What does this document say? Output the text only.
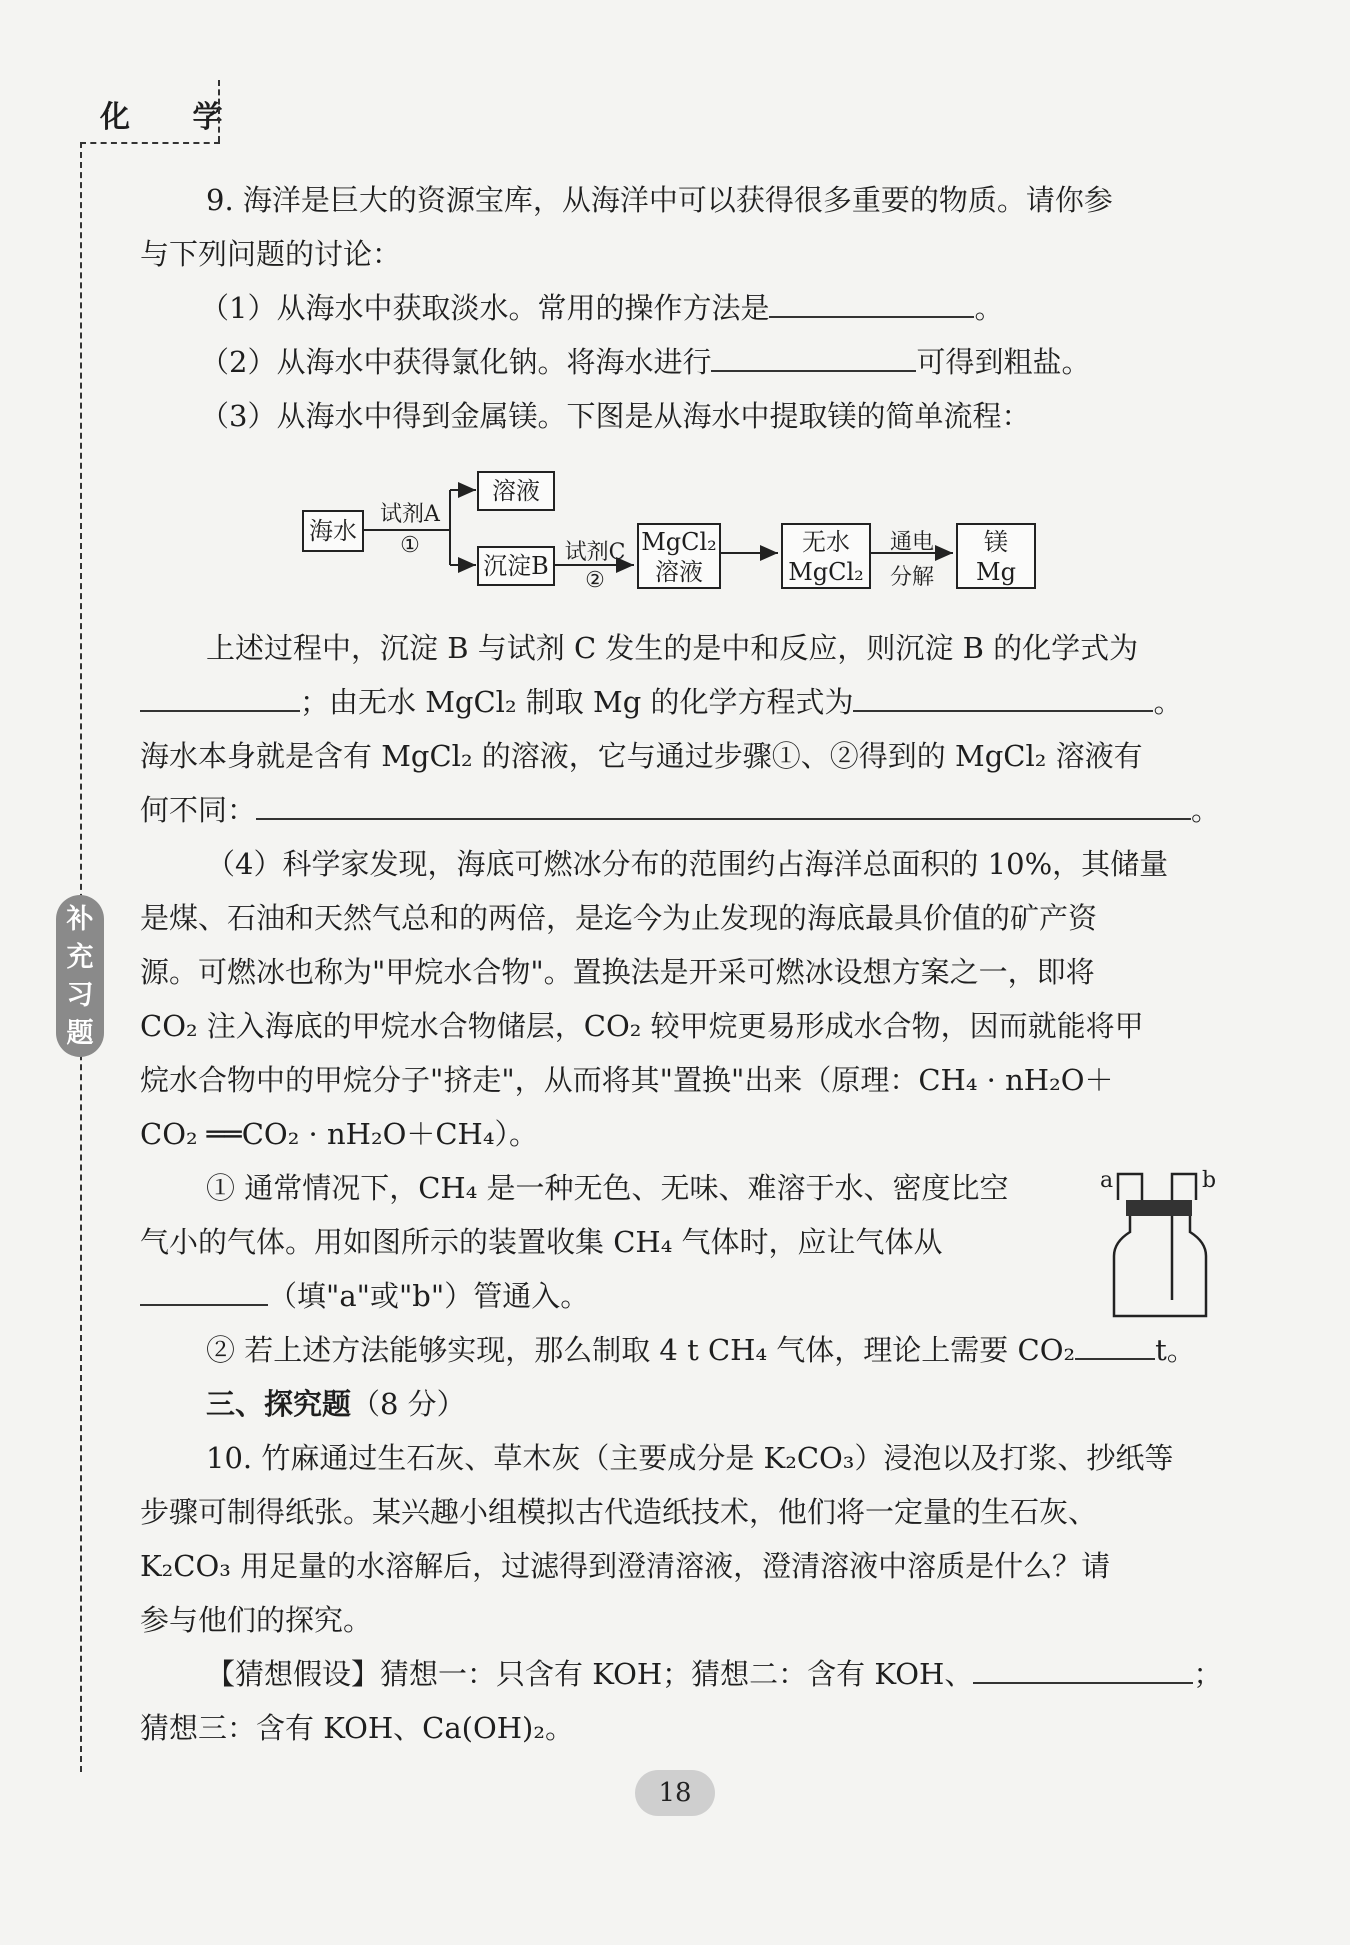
化 学
补
充
习
题
9. 海洋是巨大的资源宝库，从海洋中可以获得很多重要的物质。请你参
与下列问题的讨论：
（1）从海水中获取淡水。常用的操作方法是	。
（2）从海水中获得氯化钠。将海水进行	可得到粗盐。
（3）从海水中得到金属镁。下图是从海水中提取镁的简单流程：
海水
试剂A
①
溶液
沉淀B 试剂C
②
MgCl₂
溶液
无水
MgCl₂
通电
分解
镁
Mg
上述过程中，沉淀 B 与试剂 C 发生的是中和反应，则沉淀 B 的化学式为
；由无水 MgCl₂ 制取 Mg 的化学方程式为	。
海水本身就是含有 MgCl₂ 的溶液，它与通过步骤①、②得到的 MgCl₂ 溶液有
何不同：	。
（4）科学家发现，海底可燃冰分布的范围约占海洋总面积的 10%，其储量
是煤、石油和天然气总和的两倍，是迄今为止发现的海底最具价值的矿产资
源。可燃冰也称为"甲烷水合物"。置换法是开采可燃冰设想方案之一，即将
CO₂ 注入海底的甲烷水合物储层，CO₂ 较甲烷更易形成水合物，因而就能将甲
烷水合物中的甲烷分子"挤走"，从而将其"置换"出来（原理：CH₄ · nH₂O＋
CO₂ ══CO₂ · nH₂O＋CH₄）。
① 通常情况下，CH₄ 是一种无色、无味、难溶于水、密度比空
气小的气体。用如图所示的装置收集 CH₄ 气体时，应让气体从
（填"a"或"b"）管通入。
a	b
② 若上述方法能够实现，那么制取 4 t CH₄ 气体，理论上需要 CO₂	t。
三、探究题（8 分）
10. 竹麻通过生石灰、草木灰（主要成分是 K₂CO₃）浸泡以及打浆、抄纸等
步骤可制得纸张。某兴趣小组模拟古代造纸技术，他们将一定量的生石灰、
K₂CO₃ 用足量的水溶解后，过滤得到澄清溶液，澄清溶液中溶质是什么？请
参与他们的探究。
【猜想假设】猜想一：只含有 KOH；猜想二：含有 KOH、	；
猜想三：含有 KOH、Ca(OH)₂。
18
